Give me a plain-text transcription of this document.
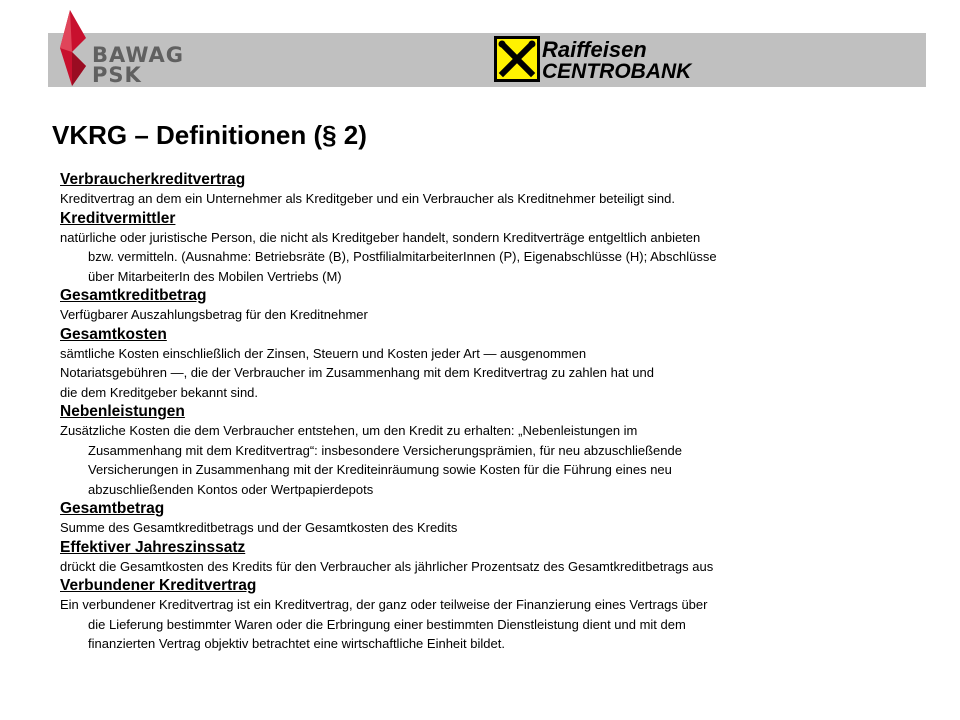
BAWAG
PSK
Raiffeisen
CENTROBANK
VKRG – Definitionen (§ 2)
Verbraucherkreditvertrag
Kreditvertrag an dem ein Unternehmer als Kreditgeber und ein Verbraucher als Kreditnehmer beteiligt sind.
Kreditvermittler
natürliche oder juristische Person, die nicht als Kreditgeber handelt, sondern Kreditverträge entgeltlich anbieten
bzw. vermitteln. (Ausnahme: Betriebsräte (B), PostfilialmitarbeiterInnen (P), Eigenabschlüsse (H); Abschlüsse
über MitarbeiterIn des Mobilen Vertriebs (M)
Gesamtkreditbetrag
Verfügbarer Auszahlungsbetrag für den Kreditnehmer
Gesamtkosten
sämtliche Kosten einschließlich der Zinsen, Steuern und Kosten jeder Art — ausgenommen
Notariatsgebühren —, die der Verbraucher im Zusammenhang mit dem Kreditvertrag zu zahlen hat und
die dem Kreditgeber bekannt sind.
Nebenleistungen
Zusätzliche Kosten die dem Verbraucher entstehen, um den Kredit zu erhalten: „Nebenleistungen im
Zusammenhang mit dem Kreditvertrag“: insbesondere Versicherungsprämien, für neu abzuschließende
Versicherungen in Zusammenhang mit der Krediteinräumung sowie Kosten für die Führung eines neu
abzuschließenden Kontos oder Wertpapierdepots
Gesamtbetrag
Summe des Gesamtkreditbetrags und der Gesamtkosten des Kredits
Effektiver Jahreszinssatz
drückt die Gesamtkosten des Kredits für den Verbraucher als jährlicher Prozentsatz des Gesamtkreditbetrags aus
Verbundener Kreditvertrag
Ein verbundener Kreditvertrag ist ein Kreditvertrag, der ganz oder teilweise der Finanzierung eines Vertrags über
die Lieferung bestimmter Waren oder die Erbringung einer bestimmten Dienstleistung dient und mit dem
finanzierten Vertrag objektiv betrachtet eine wirtschaftliche Einheit bildet.
